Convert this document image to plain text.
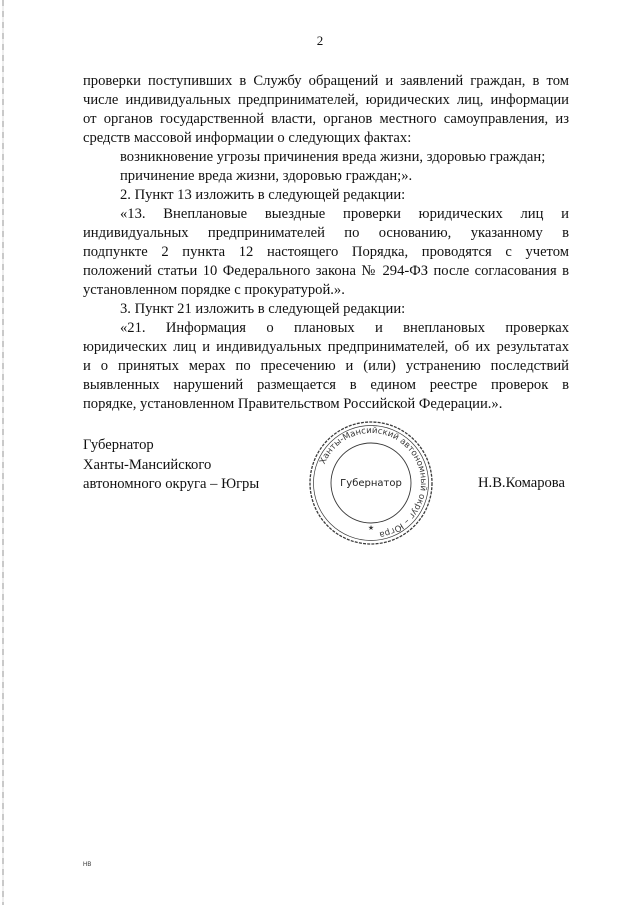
2

проверки поступивших в Службу обращений и заявлений граждан, в том

числе индивидуальных предпринимателей, юридических лиц, информации

от органов государственной власти, органов местного самоуправления, из

средств массовой информации о следующих фактах:

возникновение угрозы причинения вреда жизни, здоровью граждан;

причинение вреда жизни, здоровью граждан;».

2. Пункт 13 изложить в следующей редакции:

«13.  Внеплановые  выездные  проверки  юридических  лиц  и

индивидуальных  предпринимателей  по  основанию,  указанному  в

подпункте  2  пункта  12  настоящего  Порядка,  проводятся  с  учетом

положений статьи 10 Федерального закона № 294-ФЗ после согласования в

установленном порядке с прокуратурой.».

3. Пункт 21 изложить в следующей редакции:

«21.  Информация  о  плановых  и  внеплановых  проверках

юридических лиц и индивидуальных предпринимателей, об их результатах

и  о  принятых  мерах  по  пресечению  и  (или)  устранению  последствий

выявленных  нарушений  размещается  в  едином  реестре  проверок  в

порядке, установленном Правительством Российской Федерации.».

Губернатор
Ханты-Мансийского
автономного округа – Югры
Ханты-Мансийский автономный округ – Югра
Губернатор
★
Н.В.Комарова
НВ
